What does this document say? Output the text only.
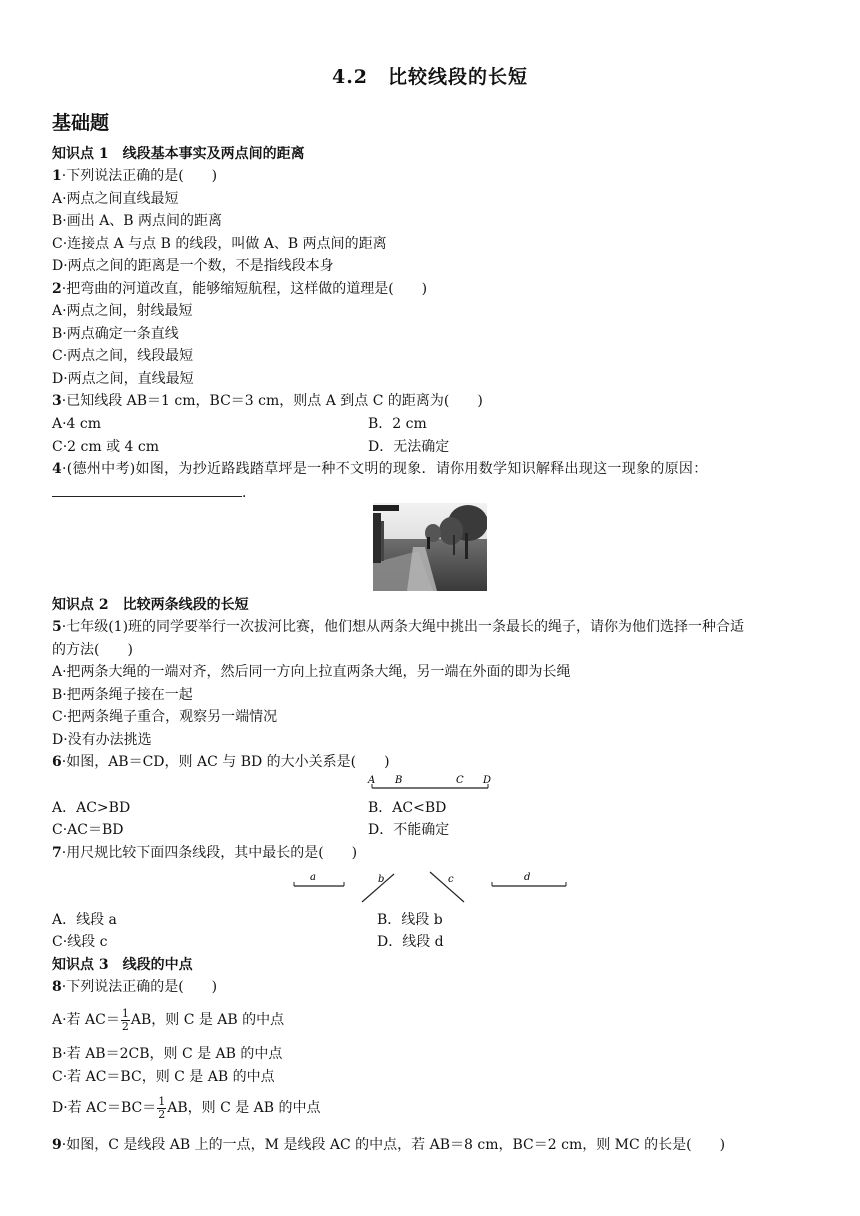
4.2　比较线段的长短
基础题
知识点 1　线段基本事实及两点间的距离
1·下列说法正确的是(　　)
A·两点之间直线最短
B·画出 A、B 两点间的距离
C·连接点 A 与点 B 的线段，叫做 A、B 两点间的距离
D·两点之间的距离是一个数，不是指线段本身
2·把弯曲的河道改直，能够缩短航程，这样做的道理是(　　)
A·两点之间，射线最短
B·两点确定一条直线
C·两点之间，线段最短
D·两点之间，直线最短
3·已知线段 AB＝1 cm，BC＝3 cm，则点 A 到点 C 的距离为(　　)
A·4 cm	B．2 cm
C·2 cm 或 4 cm	D．无法确定
4·(德州中考)如图，为抄近路践踏草坪是一种不文明的现象．请你用数学知识解释出现这一现象的原因：
．
知识点 2　比较两条线段的长短
5·七年级(1)班的同学要举行一次拔河比赛，他们想从两条大绳中挑出一条最长的绳子，请你为他们选择一种合适
的方法(　　)
A·把两条大绳的一端对齐，然后同一方向上拉直两条大绳，另一端在外面的即为长绳
B·把两条绳子接在一起
C·把两条绳子重合，观察另一端情况
D·没有办法挑选
6·如图，AB＝CD，则 AC 与 BD 的大小关系是(　　)
A B	C D
A．AC>BD	B．AC<BD
C·AC＝BD	D．不能确定
7·用尺规比较下面四条线段，其中最长的是(　　)
a	b	c	d
A．线段 a	B．线段 b
C·线段 c	D．线段 d
知识点 3　线段的中点
8·下列说法正确的是(　　)
A·若 $AC= \frac{1}{2}$ AB，则 C 是 AB 的中点
B·若 AB＝2CB，则 C 是 AB 的中点
C·若 AC＝BC，则 C 是 AB 的中点
D·若 $AC=BC= \frac{1}{2}$ AB，则 C 是 AB 的中点
9·如图，C 是线段 AB 上的一点，M 是线段 AC 的中点，若 AB＝8 cm，BC＝2 cm，则 MC 的长是(　　)
